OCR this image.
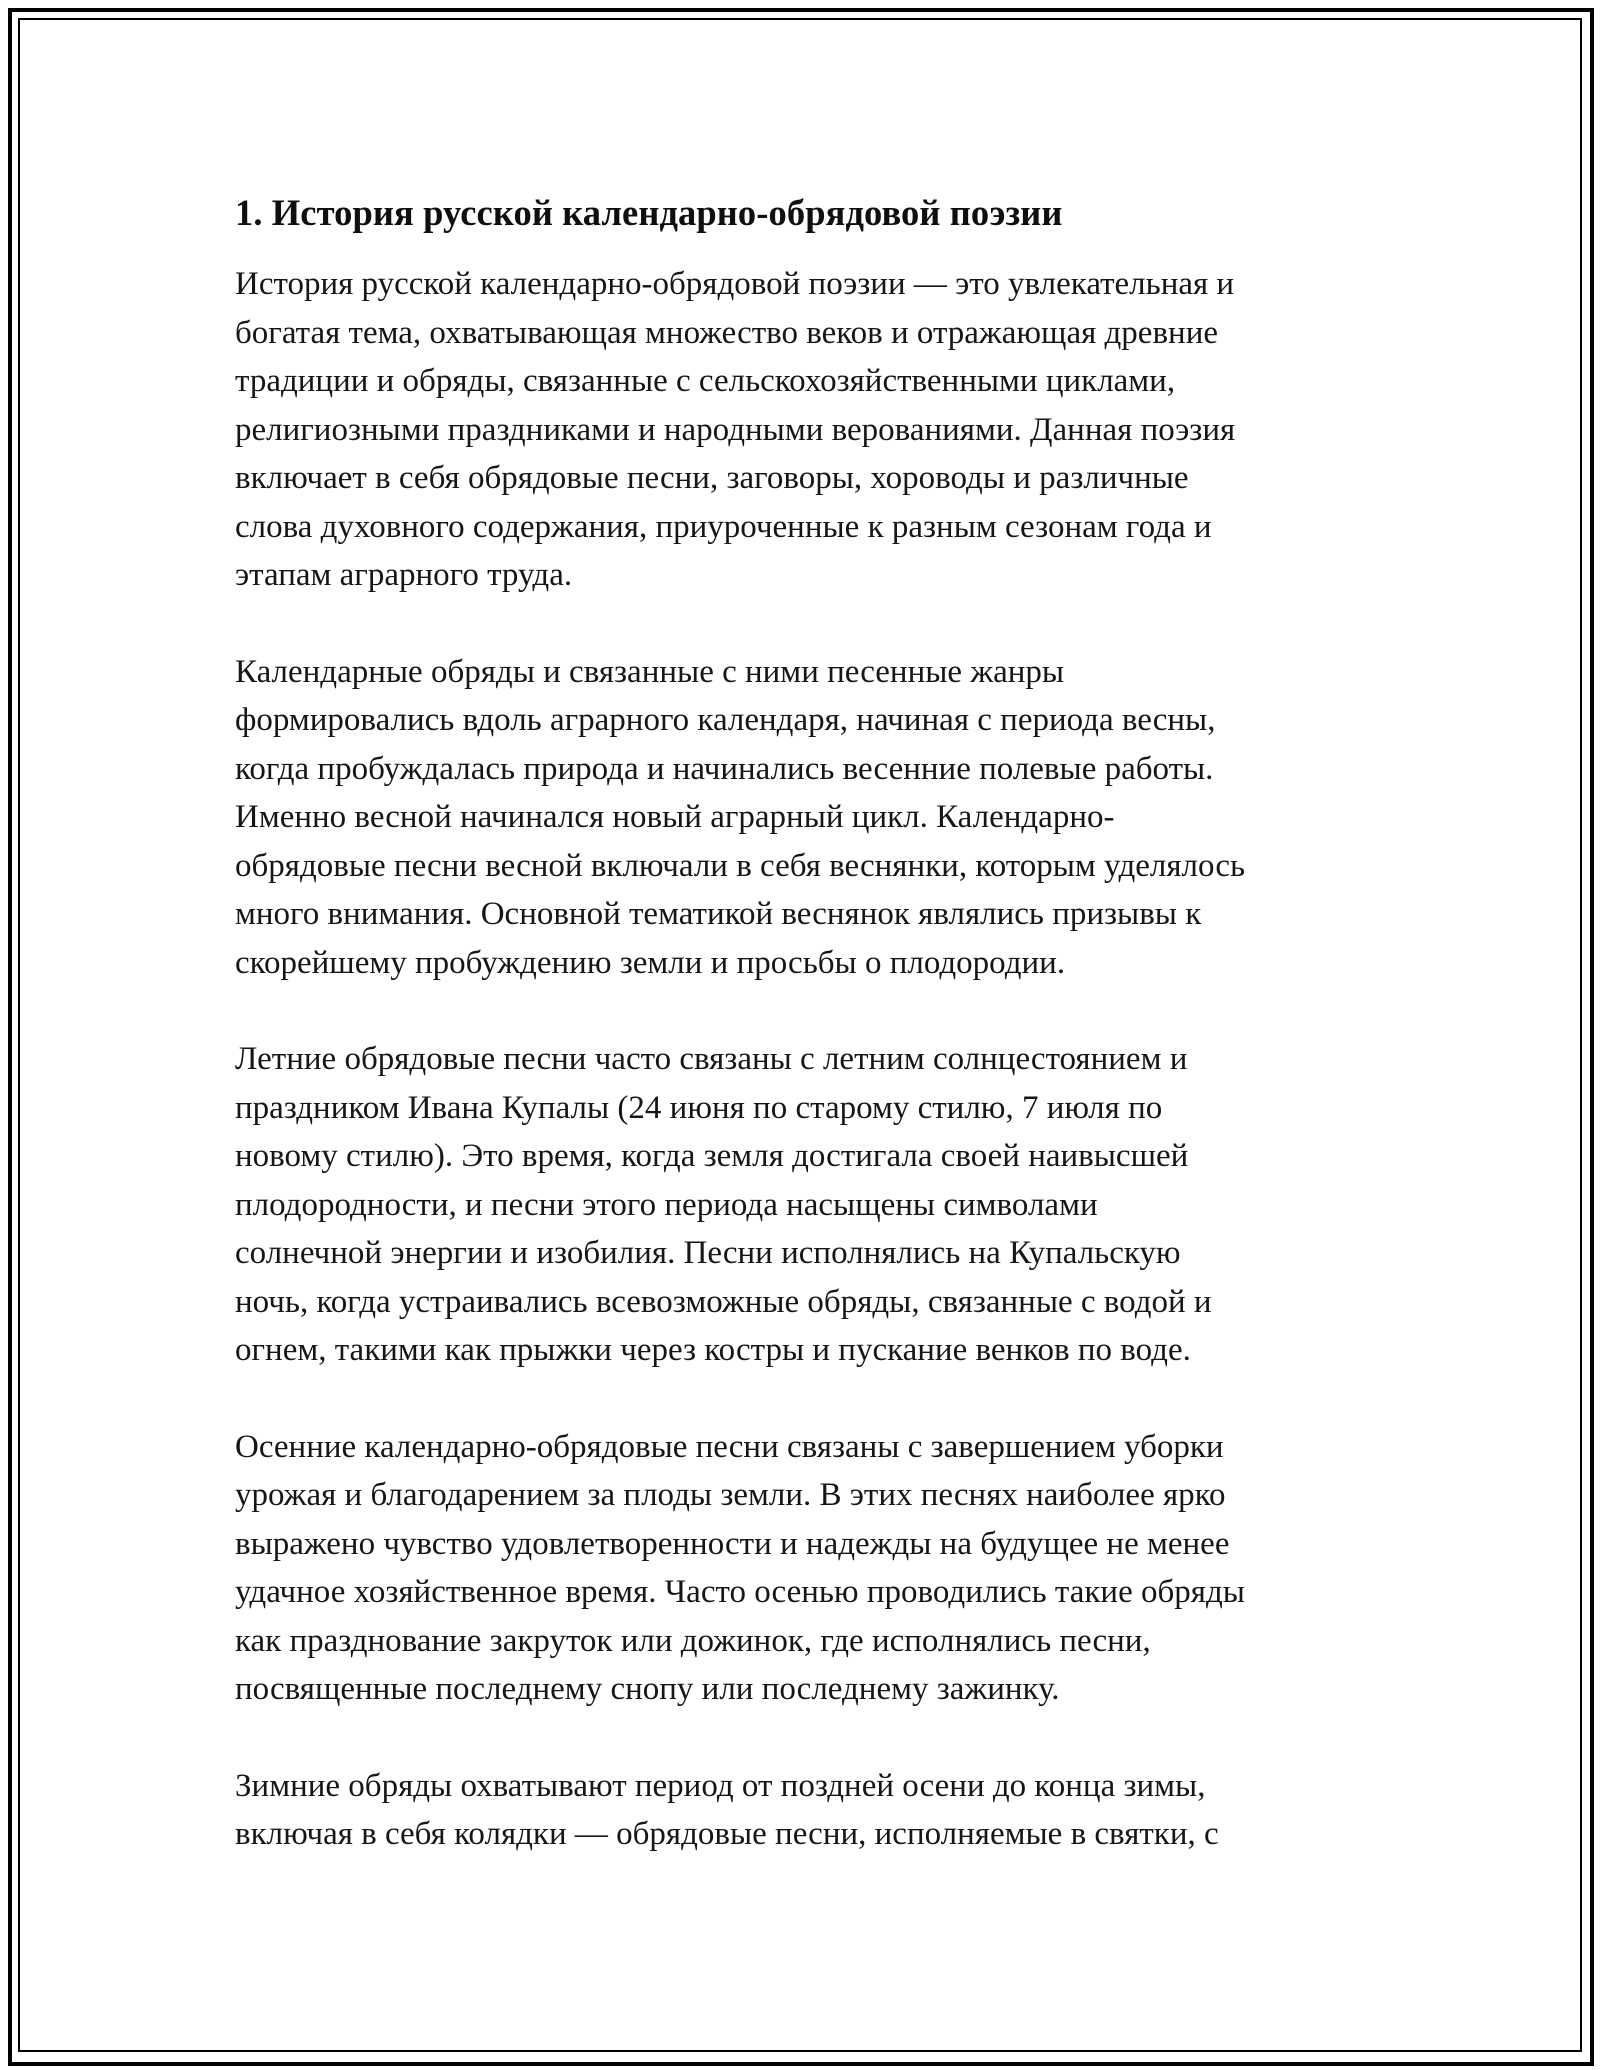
1. История русской календарно-обрядовой поэзии

История русской календарно-обрядовой поэзии — это увлекательная и
богатая тема, охватывающая множество веков и отражающая древние
традиции и обряды, связанные с сельскохозяйственными циклами,
религиозными праздниками и народными верованиями. Данная поэзия
включает в себя обрядовые песни, заговоры, хороводы и различные
слова духовного содержания, приуроченные к разным сезонам года и
этапам аграрного труда.

Календарные обряды и связанные с ними песенные жанры
формировались вдоль аграрного календаря, начиная с периода весны,
когда пробуждалась природа и начинались весенние полевые работы.
Именно весной начинался новый аграрный цикл. Календарно-
обрядовые песни весной включали в себя веснянки, которым уделялось
много внимания. Основной тематикой веснянок являлись призывы к
скорейшему пробуждению земли и просьбы о плодородии.

Летние обрядовые песни часто связаны с летним солнцестоянием и
праздником Ивана Купалы (24 июня по старому стилю, 7 июля по
новому стилю). Это время, когда земля достигала своей наивысшей
плодородности, и песни этого периода насыщены символами
солнечной энергии и изобилия. Песни исполнялись на Купальскую
ночь, когда устраивались всевозможные обряды, связанные с водой и
огнем, такими как прыжки через костры и пускание венков по воде.

Осенние календарно-обрядовые песни связаны с завершением уборки
урожая и благодарением за плоды земли. В этих песнях наиболее ярко
выражено чувство удовлетворенности и надежды на будущее не менее
удачное хозяйственное время. Часто осенью проводились такие обряды
как празднование закруток или дожинок, где исполнялись песни,
посвященные последнему снопу или последнему зажинку.

Зимние обряды охватывают период от поздней осени до конца зимы,
включая в себя колядки — обрядовые песни, исполняемые в святки, с
